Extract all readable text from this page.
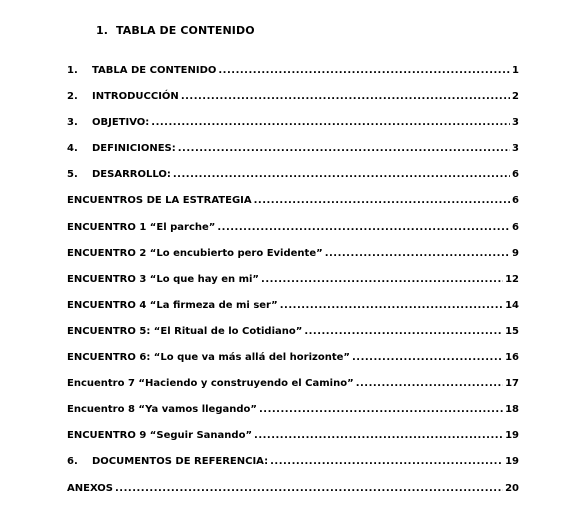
1. TABLA DE CONTENIDO
1.	TABLA DE CONTENIDO .....	1
2.	INTRODUCCIÓN .....	2
3.	OBJETIVO: .....	3
4.	DEFINICIONES: .....	3
5.	DESARROLLO: .....	6
ENCUENTROS DE LA ESTRATEGIA .....	6
ENCUENTRO 1 “El parche” .....	6
ENCUENTRO 2 “Lo encubierto pero Evidente” .....	9
ENCUENTRO 3 “Lo que hay en mi” .....	12
ENCUENTRO 4 “La firmeza de mi ser” .....	14
ENCUENTRO 5: “El Ritual de lo Cotidiano” .....	15
ENCUENTRO 6: “Lo que va más allá del horizonte” .....	16
Encuentro 7 “Haciendo y construyendo el Camino” .....	17
Encuentro 8 “Ya vamos llegando” .....	18
ENCUENTRO 9 “Seguir Sanando” .....	19
6.	DOCUMENTOS DE REFERENCIA: .....	19
ANEXOS .....	20
